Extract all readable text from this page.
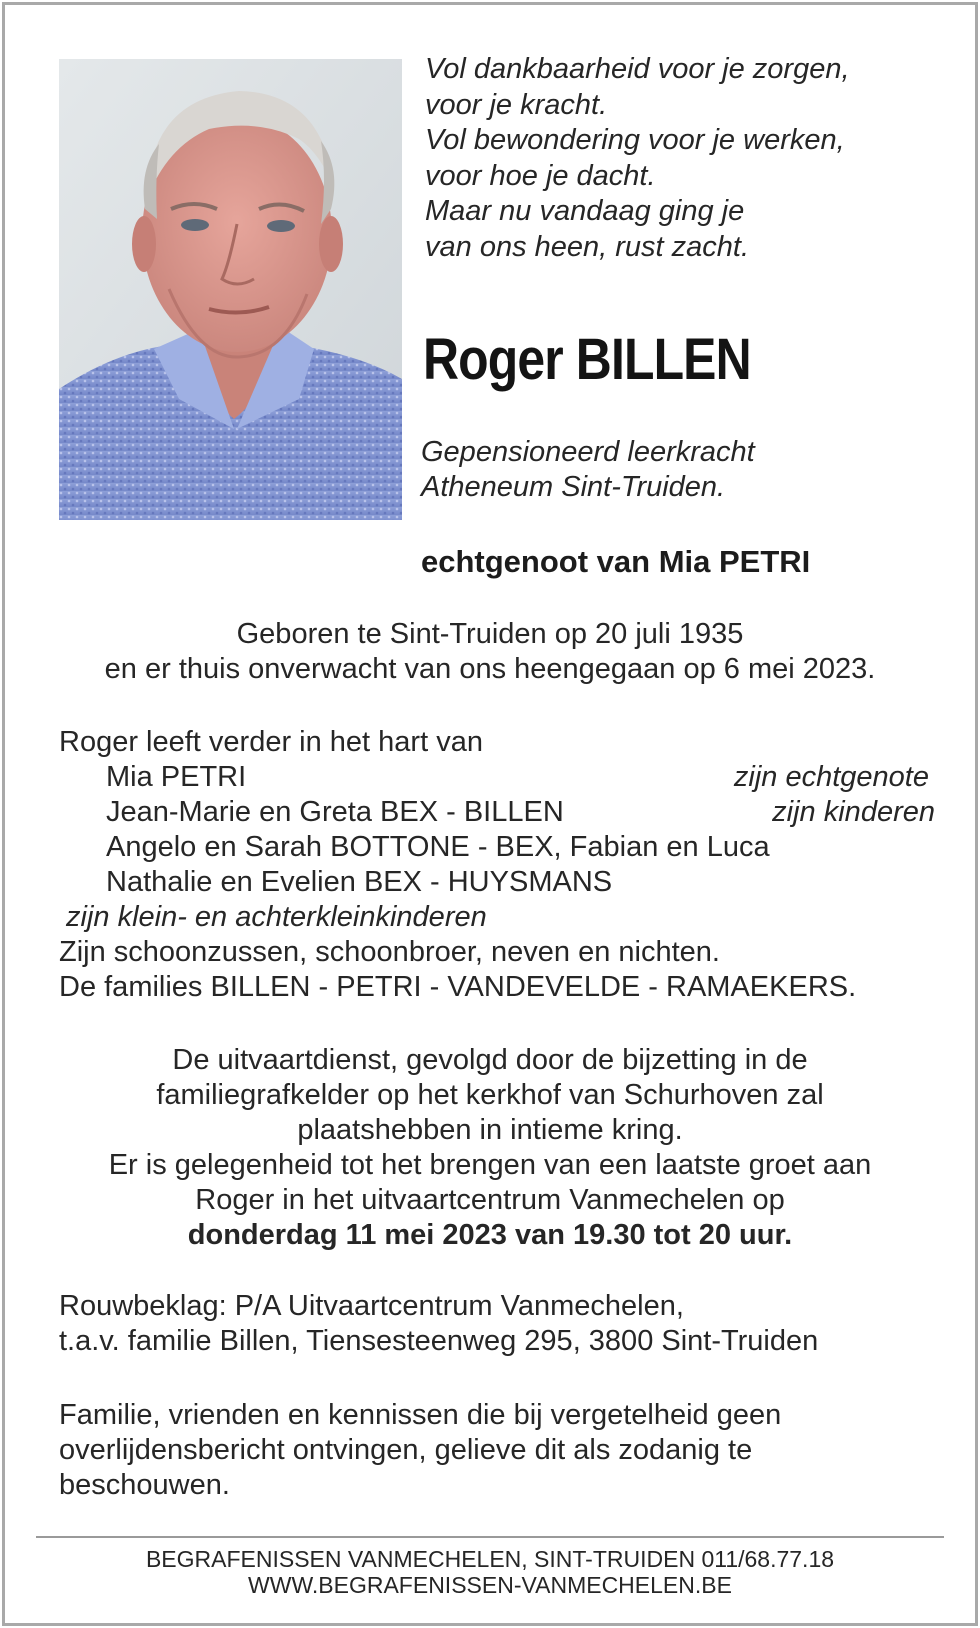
Vol dankbaarheid voor je zorgen,
voor je kracht.
Vol bewondering voor je werken,
voor hoe je dacht.
Maar nu vandaag ging je
van ons heen, rust zacht.
Roger BILLEN
Gepensioneerd leerkracht
Atheneum Sint-Truiden.
echtgenoot van Mia PETRI
Geboren te Sint-Truiden op 20 juli 1935
en er thuis onverwacht van ons heengegaan op 6 mei 2023.
Roger leeft verder in het hart van
Mia PETRI	zijn echtgenote
Jean-Marie en Greta BEX - BILLEN	zijn kinderen
Angelo en Sarah BOTTONE - BEX, Fabian en Luca
Nathalie en Evelien BEX - HUYSMANS
zijn klein- en achterkleinkinderen
Zijn schoonzussen, schoonbroer, neven en nichten.
De families BILLEN - PETRI - VANDEVELDE - RAMAEKERS.
De uitvaartdienst, gevolgd door de bijzetting in de
familiegrafkelder op het kerkhof van Schurhoven zal
plaatshebben in intieme kring.
Er is gelegenheid tot het brengen van een laatste groet aan
Roger in het uitvaartcentrum Vanmechelen op
donderdag 11 mei 2023 van 19.30 tot 20 uur.
Rouwbeklag: P/A Uitvaartcentrum Vanmechelen,
t.a.v. familie Billen, Tiensesteenweg 295, 3800 Sint-Truiden
Familie, vrienden en kennissen die bij vergetelheid geen
overlijdensbericht ontvingen, gelieve dit als zodanig te
beschouwen.
BEGRAFENISSEN VANMECHELEN, SINT-TRUIDEN 011/68.77.18
WWW.BEGRAFENISSEN-VANMECHELEN.BE
